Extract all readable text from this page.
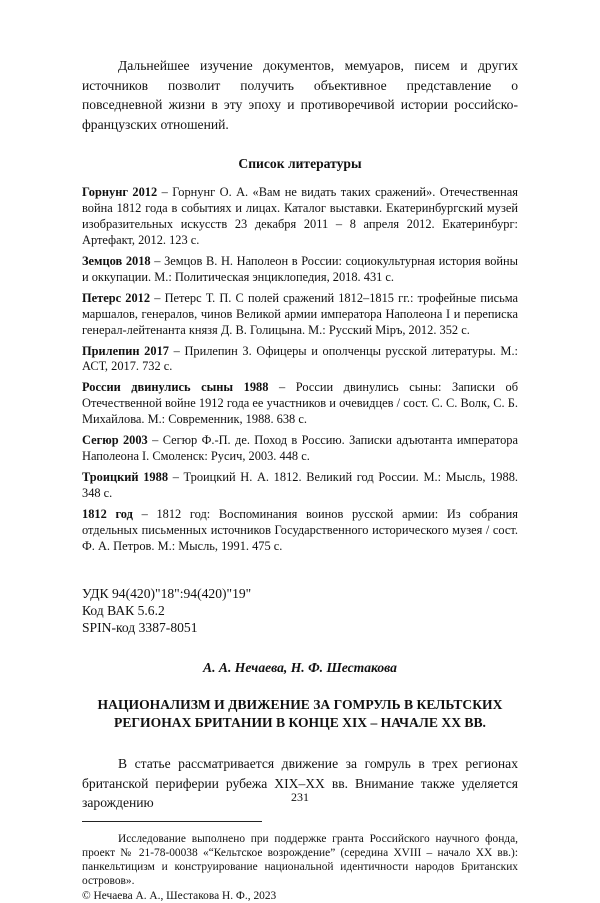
Дальнейшее изучение документов, мемуаров, писем и других источников позволит получить объективное представление о повседневной жизни в эту эпоху и противоречивой истории российско-французских отношений.

Список литературы

Горнунг 2012 – Горнунг О. А. «Вам не видать таких сражений». Отечественная война 1812 года в событиях и лицах. Каталог выставки. Екатеринбургский музей изобразительных искусств 23 декабря 2011 – 8 апреля 2012. Екатеринбург: Артефакт, 2012. 123 с.

Земцов 2018 – Земцов В. Н. Наполеон в России: социокультурная история войны и оккупации. М.: Политическая энциклопедия, 2018. 431 с.

Петерс 2012 – Петерс Т. П. С полей сражений 1812–1815 гг.: трофейные письма маршалов, генералов, чинов Великой армии императора Наполеона I и переписка генерал-лейтенанта князя Д. В. Голицына. М.: Русский Міръ, 2012. 352 с.

Прилепин 2017 – Прилепин З. Офицеры и ополченцы русской литературы. М.: АСТ, 2017. 732 с.

России двинулись сыны 1988 – России двинулись сыны: Записки об Отечественной войне 1912 года ее участников и очевидцев / сост. С. С. Волк, С. Б. Михайлова. М.: Современник, 1988. 638 с.

Сегюр 2003 – Сегюр Ф.-П. де. Поход в Россию. Записки адъютанта императора Наполеона I. Смоленск: Русич, 2003. 448 с.

Троицкий 1988 – Троицкий Н. А. 1812. Великий год России. М.: Мысль, 1988. 348 с.

1812 год – 1812 год: Воспоминания воинов русской армии: Из собрания отдельных письменных источников Государственного исторического музея / сост. Ф. А. Петров. М.: Мысль, 1991. 475 с.

УДК 94(420)"18":94(420)"19"
Код ВАК 5.6.2
SPIN-код 3387-8051
А. А. Нечаева, Н. Ф. Шестакова
НАЦИОНАЛИЗМ И ДВИЖЕНИЕ ЗА ГОМРУЛЬ В КЕЛЬТСКИХ
РЕГИОНАХ БРИТАНИИ В КОНЦЕ XIX – НАЧАЛЕ XX ВВ.

В статье рассматривается движение за гомруль в трех регионах британской периферии рубежа XIX–XX вв. Внимание также уделяется зарождению

Исследование выполнено при поддержке гранта Российского научного фонда, проект № 21-78-00038 «“Кельтское возрождение” (середина XVIII – начало XX вв.): панкельтицизм и конструирование национальной идентичности народов Британских островов».

© Нечаева А. А., Шестакова Н. Ф., 2023

231
